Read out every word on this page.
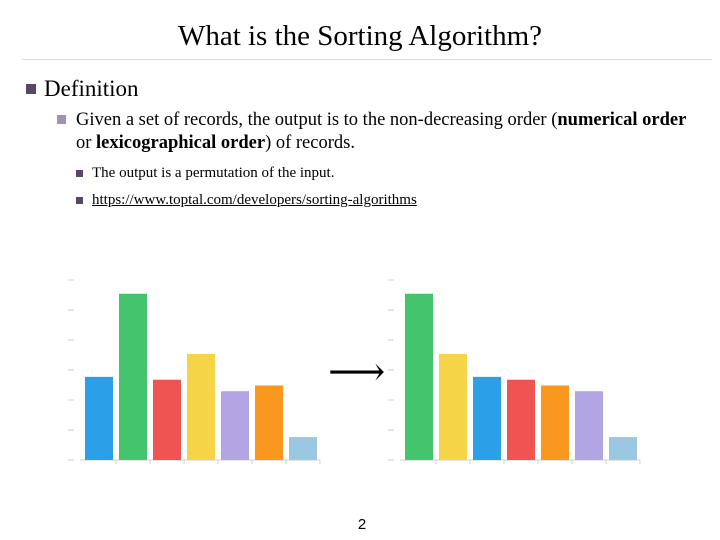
What is the Sorting Algorithm?
Definition
Given a set of records, the output is to the non-decreasing order (numerical order or lexicographical order) of records.
The output is a permutation of the input.
https://www.toptal.com/developers/sorting-algorithms
⟶
2
